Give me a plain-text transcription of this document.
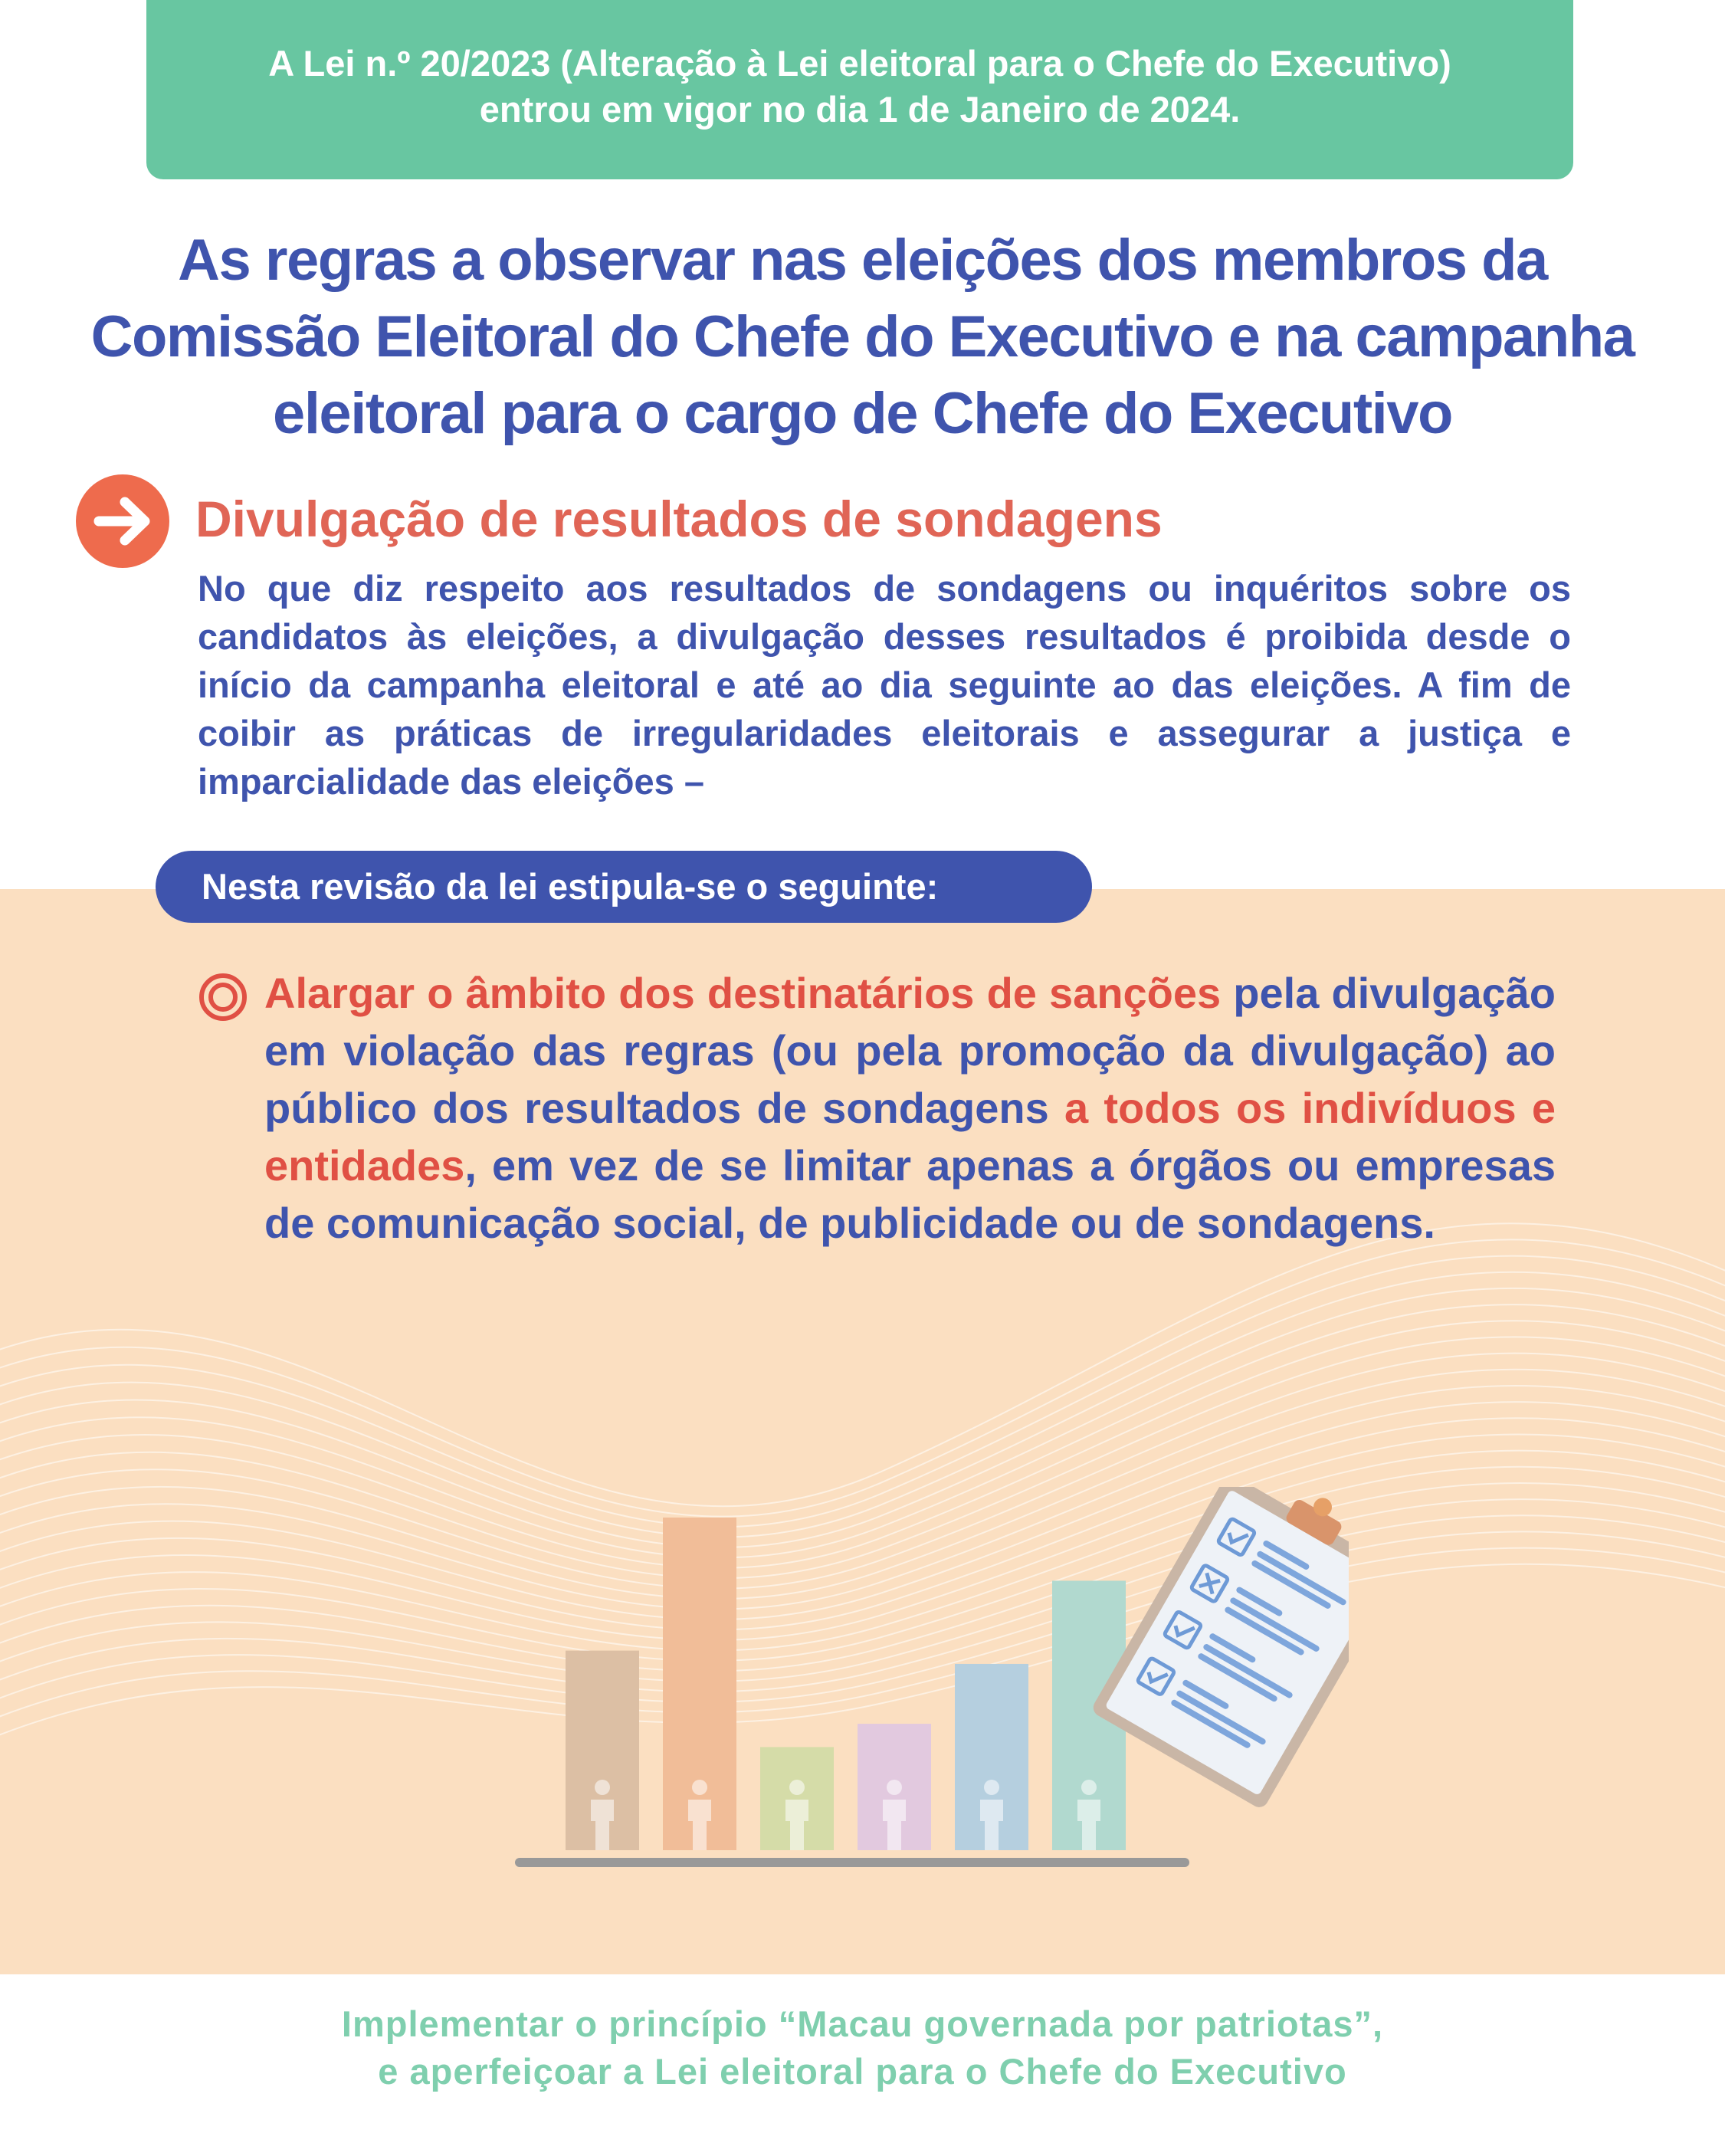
A Lei n.º 20/2023 (Alteração à Lei eleitoral para o Chefe do Executivo)
entrou em vigor no dia 1 de Janeiro de 2024.
As regras a observar nas eleições dos membros da
Comissão Eleitoral do Chefe do Executivo e na campanha
eleitoral para o cargo de Chefe do Executivo
Divulgação de resultados de sondagens
No que diz respeito aos resultados de sondagens ou inquéritos sobre os candidatos às eleições, a divulgação desses resultados é proibida desde o início da campanha eleitoral e até ao dia seguinte ao das eleições. A fim de coibir as práticas de irregularidades eleitorais e assegurar a justiça e imparcialidade das eleições –
Nesta revisão da lei estipula-se o seguinte:
Alargar o âmbito dos destinatários de sanções pela divulgação em violação das regras (ou pela promoção da divulgação) ao público dos resultados de sondagens a todos os indivíduos e entidades, em vez de se limitar apenas a órgãos ou empresas de comunicação social, de publicidade ou de sondagens.
Implementar o princípio “Macau governada por patriotas”,
e aperfeiçoar a Lei eleitoral para o Chefe do Executivo
